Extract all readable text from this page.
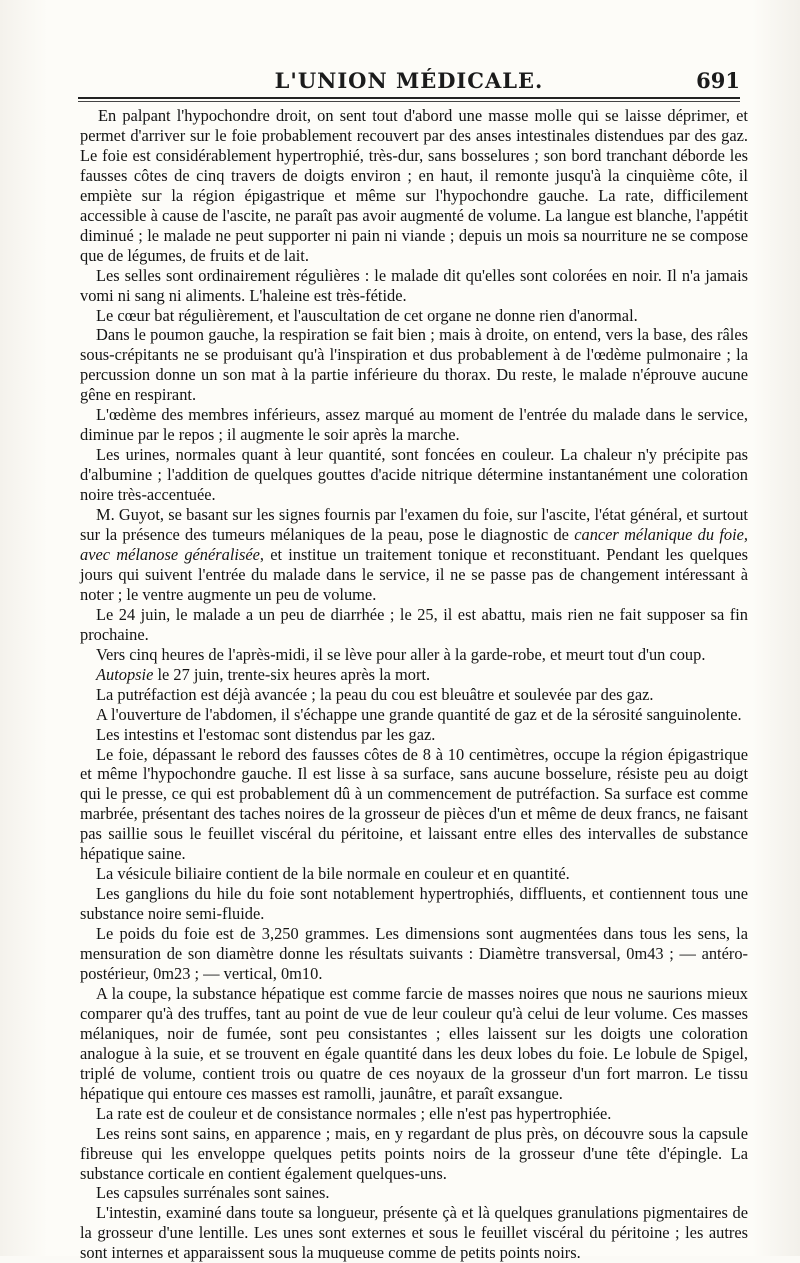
L'UNION MÉDICALE.	691

En palpant l'hypochondre droit, on sent tout d'abord une masse molle qui se laisse déprimer, et permet d'arriver sur le foie probablement recouvert par des anses intestinales distendues par des gaz. Le foie est considérablement hypertrophié, très-dur, sans bosselures ; son bord tranchant déborde les fausses côtes de cinq travers de doigts environ ; en haut, il remonte jusqu'à la cinquième côte, il empiète sur la région épigastrique et même sur l'hypochondre gauche. La rate, difficilement accessible à cause de l'ascite, ne paraît pas avoir augmenté de volume. La langue est blanche, l'appétit diminué ; le malade ne peut supporter ni pain ni viande ; depuis un mois sa nourriture ne se compose que de légumes, de fruits et de lait.

Les selles sont ordinairement régulières : le malade dit qu'elles sont colorées en noir. Il n'a jamais vomi ni sang ni aliments. L'haleine est très-fétide.

Le cœur bat régulièrement, et l'auscultation de cet organe ne donne rien d'anormal.

Dans le poumon gauche, la respiration se fait bien ; mais à droite, on entend, vers la base, des râles sous-crépitants ne se produisant qu'à l'inspiration et dus probablement à de l'œdème pulmonaire ; la percussion donne un son mat à la partie inférieure du thorax. Du reste, le malade n'éprouve aucune gêne en respirant.

L'œdème des membres inférieurs, assez marqué au moment de l'entrée du malade dans le service, diminue par le repos ; il augmente le soir après la marche.

Les urines, normales quant à leur quantité, sont foncées en couleur. La chaleur n'y précipite pas d'albumine ; l'addition de quelques gouttes d'acide nitrique détermine instantanément une coloration noire très-accentuée.

M. Guyot, se basant sur les signes fournis par l'examen du foie, sur l'ascite, l'état général, et surtout sur la présence des tumeurs mélaniques de la peau, pose le diagnostic de cancer mélanique du foie, avec mélanose généralisée, et institue un traitement tonique et reconstituant. Pendant les quelques jours qui suivent l'entrée du malade dans le service, il ne se passe pas de changement intéressant à noter ; le ventre augmente un peu de volume.

Le 24 juin, le malade a un peu de diarrhée ; le 25, il est abattu, mais rien ne fait supposer sa fin prochaine.

Vers cinq heures de l'après-midi, il se lève pour aller à la garde-robe, et meurt tout d'un coup.

Autopsie le 27 juin, trente-six heures après la mort.

La putréfaction est déjà avancée ; la peau du cou est bleuâtre et soulevée par des gaz.

A l'ouverture de l'abdomen, il s'échappe une grande quantité de gaz et de la sérosité sanguinolente.

Les intestins et l'estomac sont distendus par les gaz.

Le foie, dépassant le rebord des fausses côtes de 8 à 10 centimètres, occupe la région épigastrique et même l'hypochondre gauche. Il est lisse à sa surface, sans aucune bosselure, résiste peu au doigt qui le presse, ce qui est probablement dû à un commencement de putréfaction. Sa surface est comme marbrée, présentant des taches noires de la grosseur de pièces d'un et même de deux francs, ne faisant pas saillie sous le feuillet viscéral du péritoine, et laissant entre elles des intervalles de substance hépatique saine.

La vésicule biliaire contient de la bile normale en couleur et en quantité.

Les ganglions du hile du foie sont notablement hypertrophiés, diffluents, et contiennent tous une substance noire semi-fluide.

Le poids du foie est de 3,250 grammes. Les dimensions sont augmentées dans tous les sens, la mensuration de son diamètre donne les résultats suivants : Diamètre transversal, 0m43 ; — antéro-postérieur, 0m23 ; — vertical, 0m10.

A la coupe, la substance hépatique est comme farcie de masses noires que nous ne saurions mieux comparer qu'à des truffes, tant au point de vue de leur couleur qu'à celui de leur volume. Ces masses mélaniques, noir de fumée, sont peu consistantes ; elles laissent sur les doigts une coloration analogue à la suie, et se trouvent en égale quantité dans les deux lobes du foie. Le lobule de Spigel, triplé de volume, contient trois ou quatre de ces noyaux de la grosseur d'un fort marron. Le tissu hépatique qui entoure ces masses est ramolli, jaunâtre, et paraît exsangue.

La rate est de couleur et de consistance normales ; elle n'est pas hypertrophiée.

Les reins sont sains, en apparence ; mais, en y regardant de plus près, on découvre sous la capsule fibreuse qui les enveloppe quelques petits points noirs de la grosseur d'une tête d'épingle. La substance corticale en contient également quelques-uns.

Les capsules surrénales sont saines.

L'intestin, examiné dans toute sa longueur, présente çà et là quelques granulations pigmentaires de la grosseur d'une lentille. Les unes sont externes et sous le feuillet viscéral du péritoine ; les autres sont internes et apparaissent sous la muqueuse comme de petits points noirs.
